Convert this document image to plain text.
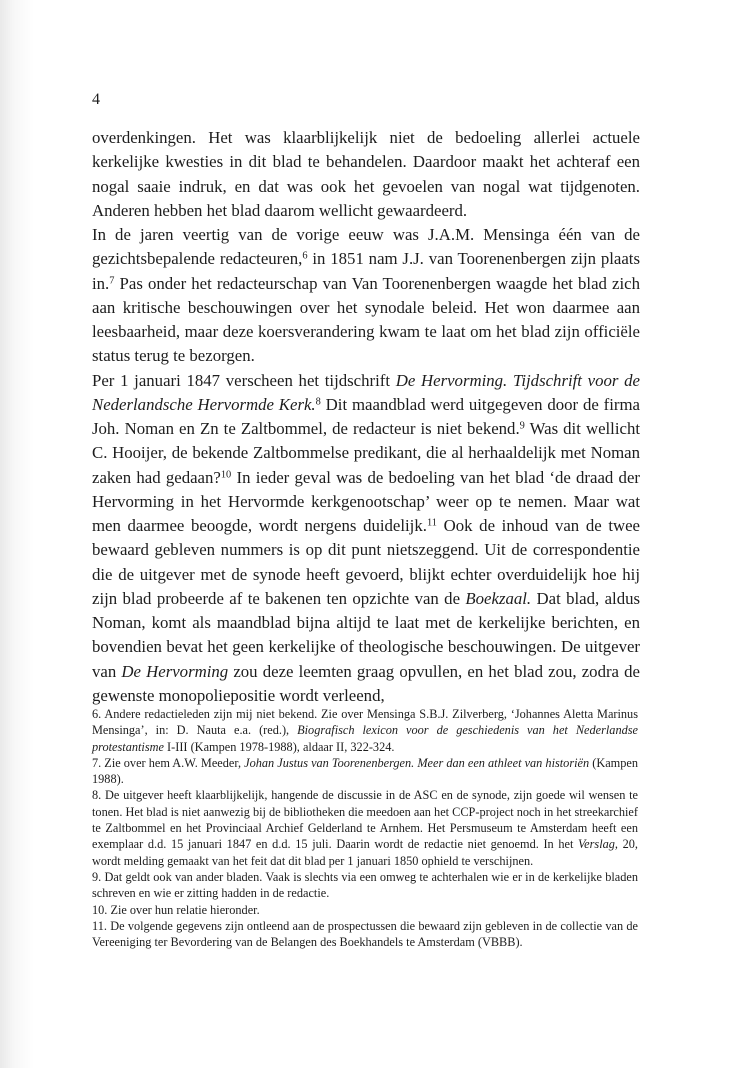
4

overdenkingen. Het was klaarblijkelijk niet de bedoeling allerlei actuele kerkelijke kwesties in dit blad te behandelen. Daardoor maakt het achteraf een nogal saaie indruk, en dat was ook het gevoelen van nogal wat tijdgenoten. Anderen hebben het blad daarom wellicht gewaardeerd.

In de jaren veertig van de vorige eeuw was J.A.M. Mensinga één van de gezichtsbepalende redacteuren,$^6$ in 1851 nam J.J. van Toorenenbergen zijn plaats in.$^7$ Pas onder het redacteurschap van Van Toorenenbergen waagde het blad zich aan kritische beschouwingen over het synodale beleid. Het won daarmee aan leesbaarheid, maar deze koersverandering kwam te laat om het blad zijn officiële status terug te bezorgen.

Per 1 januari 1847 verscheen het tijdschrift De Hervorming. Tijdschrift voor de Nederlandsche Hervormde Kerk.$^8$ Dit maandblad werd uitgegeven door de firma Joh. Noman en Zn te Zaltbommel, de redacteur is niet bekend.$^9$ Was dit wellicht C. Hooijer, de bekende Zaltbommelse predikant, die al herhaaldelijk met Noman zaken had gedaan?$^{10}$ In ieder geval was de bedoeling van het blad ‘de draad der Hervorming in het Hervormde kerkgenootschap’ weer op te nemen. Maar wat men daarmee beoogde, wordt nergens duidelijk.$^{11}$ Ook de inhoud van de twee bewaard gebleven nummers is op dit punt nietszeggend. Uit de correspondentie die de uitgever met de synode heeft gevoerd, blijkt echter overduidelijk hoe hij zijn blad probeerde af te bakenen ten opzichte van de Boekzaal. Dat blad, aldus Noman, komt als maandblad bijna altijd te laat met de kerkelijke berichten, en bovendien bevat het geen kerkelijke of theologische beschouwingen. De uitgever van De Hervorming zou deze leemten graag opvullen, en het blad zou, zodra de gewenste monopoliepositie wordt verleend,

6. Andere redactieleden zijn mij niet bekend. Zie over Mensinga S.B.J. Zilverberg, ‘Johannes Aletta Marinus Mensinga’, in: D. Nauta e.a. (red.), Biografisch lexicon voor de geschiedenis van het Nederlandse protestantisme I-III (Kampen 1978-1988), aldaar II, 322-324.

7. Zie over hem A.W. Meeder, Johan Justus van Toorenenbergen. Meer dan een athleet van historiën (Kampen 1988).

8. De uitgever heeft klaarblijkelijk, hangende de discussie in de ASC en de synode, zijn goede wil wensen te tonen. Het blad is niet aanwezig bij de bibliotheken die meedoen aan het CCP-project noch in het streekarchief te Zaltbommel en het Provinciaal Archief Gelderland te Arnhem. Het Persmuseum te Amsterdam heeft een exemplaar d.d. 15 januari 1847 en d.d. 15 juli. Daarin wordt de redactie niet genoemd. In het Verslag, 20, wordt melding gemaakt van het feit dat dit blad per 1 januari 1850 ophield te verschijnen.

9. Dat geldt ook van ander bladen. Vaak is slechts via een omweg te achterhalen wie er in de kerkelijke bladen schreven en wie er zitting hadden in de redactie.

10. Zie over hun relatie hieronder.

11. De volgende gegevens zijn ontleend aan de prospectussen die bewaard zijn gebleven in de collectie van de Vereeniging ter Bevordering van de Belangen des Boekhandels te Amsterdam (VBBB).
